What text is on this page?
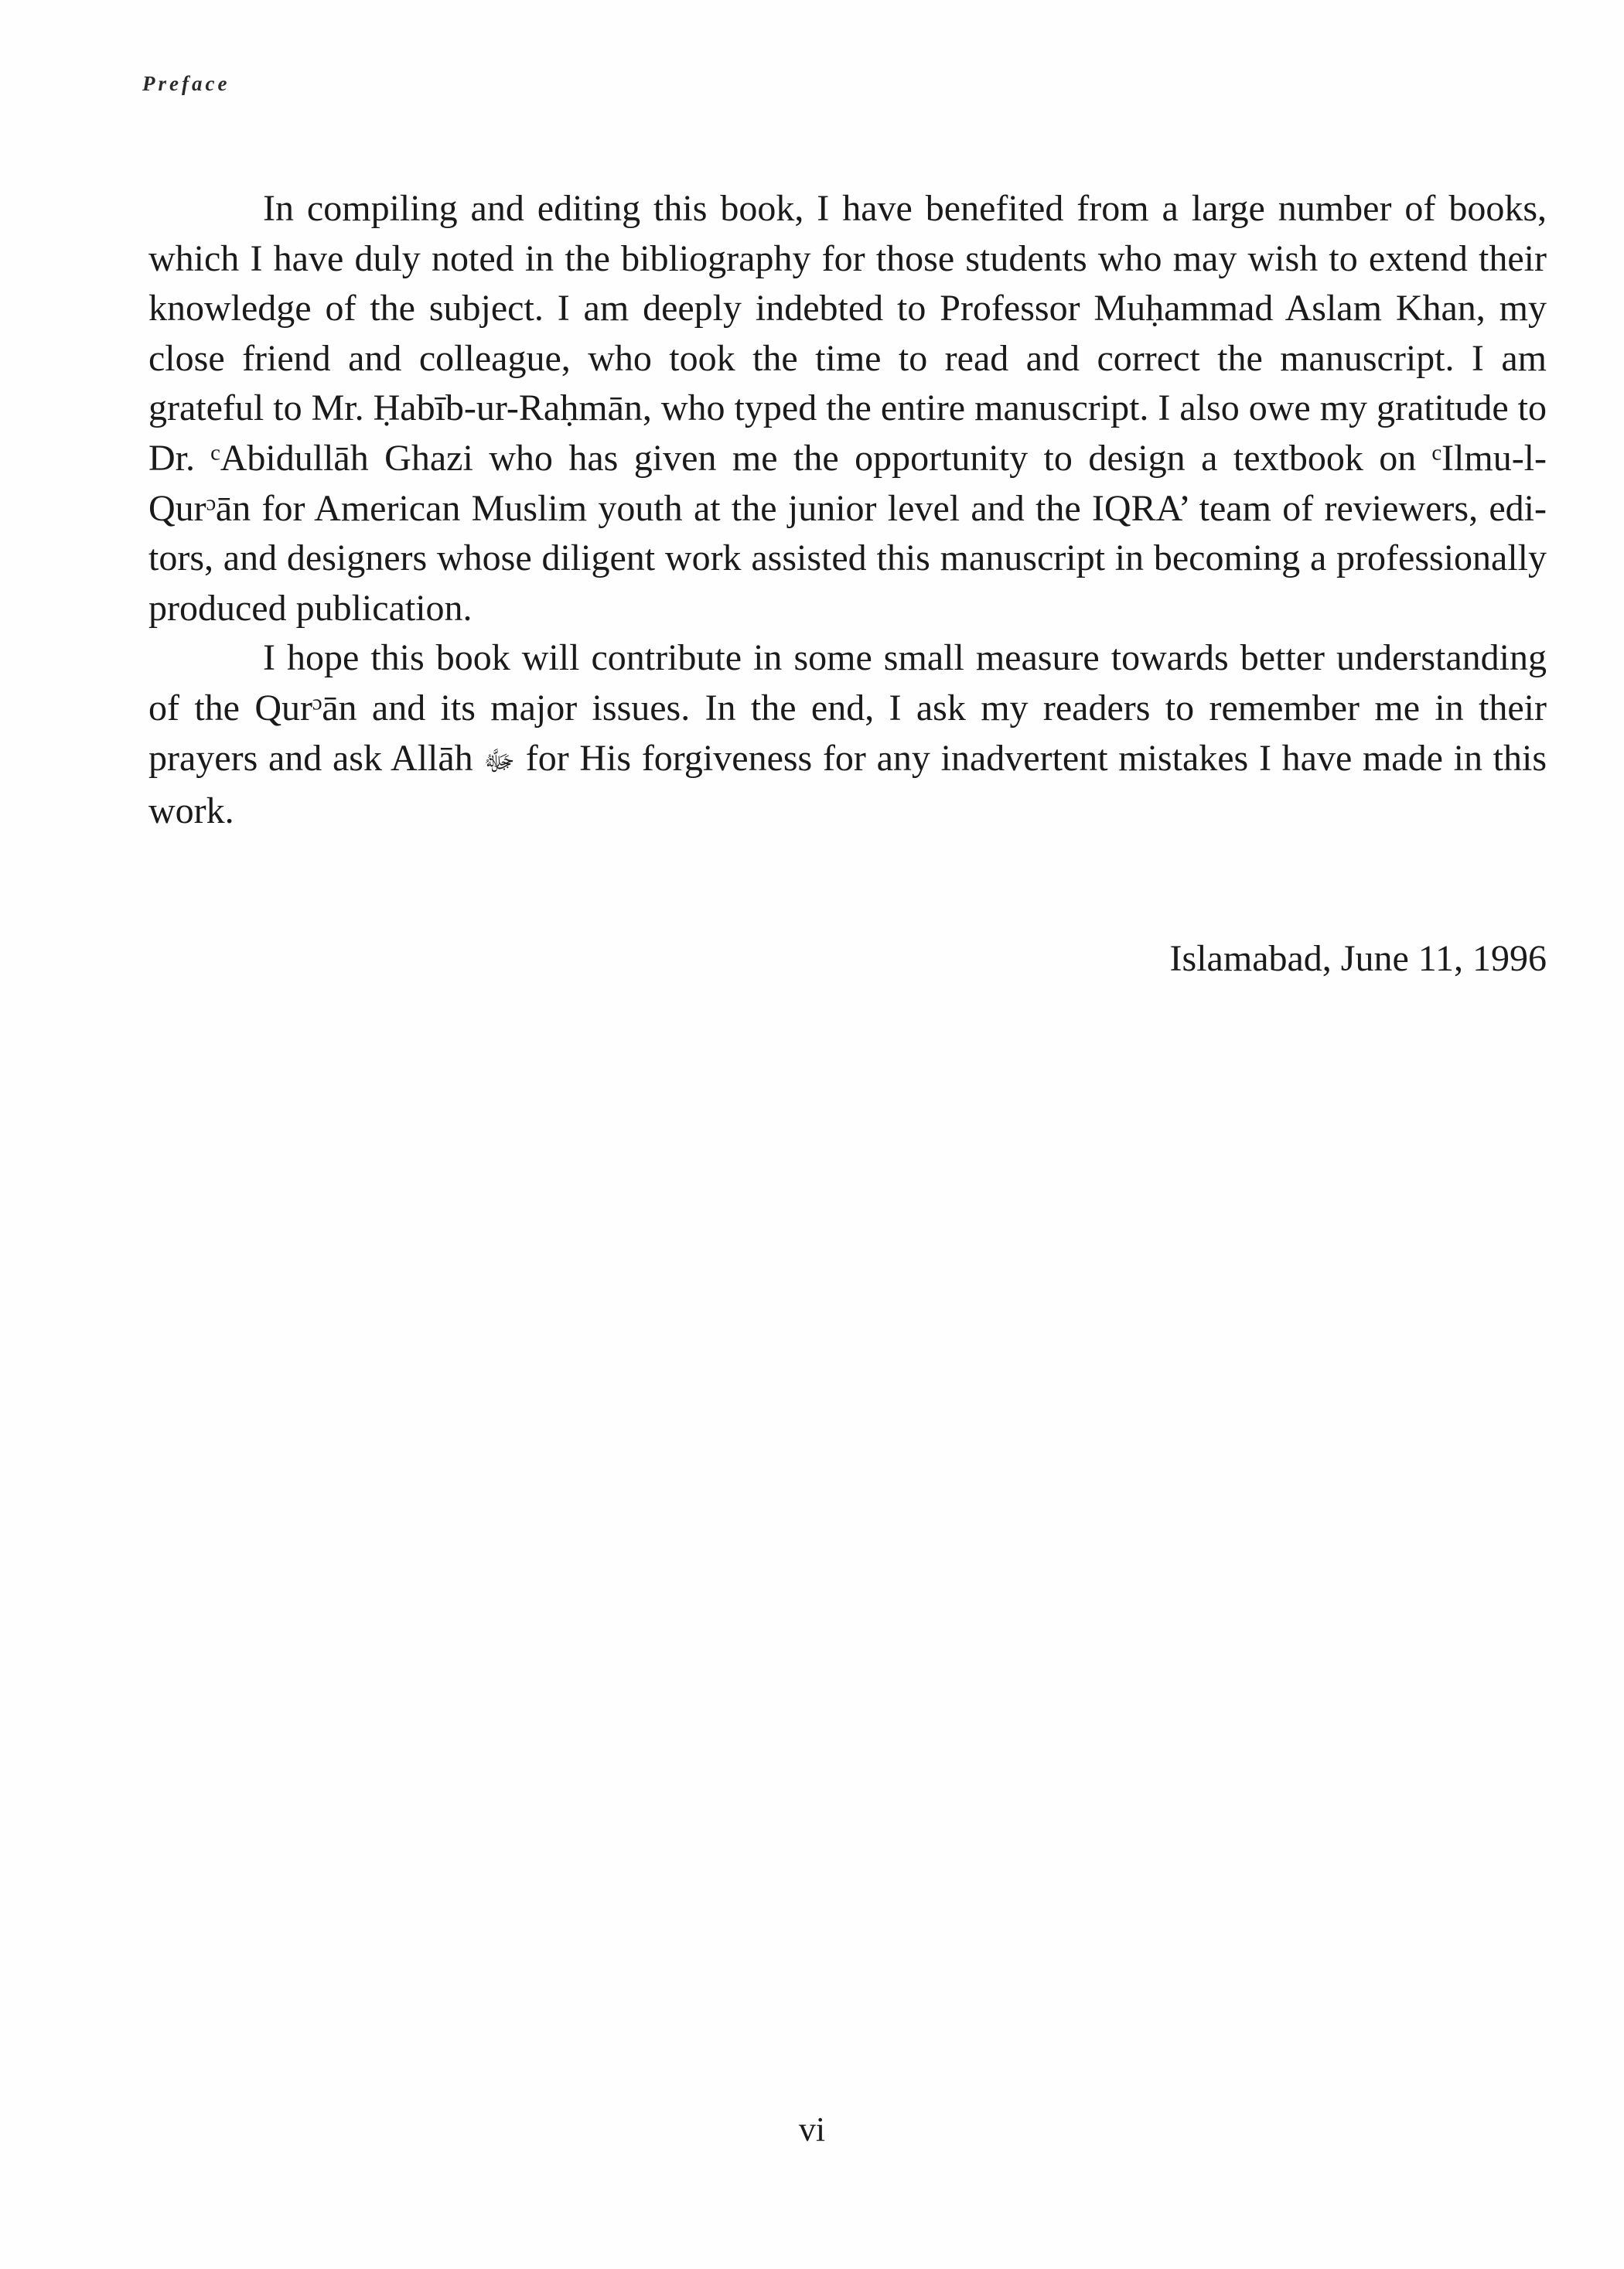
Preface

In compiling and editing this book, I have benefited from a large number of books, which I have duly noted in the bibliography for those students who may wish to extend their knowledge of the subject. I am deeply indebted to Professor Muḥammad Aslam Khan, my close friend and colleague, who took the time to read and correct the manuscript. I am grateful to Mr. Ḥabīb-ur-Raḥmān, who typed the entire manuscript. I also owe my gratitude to Dr. ᶜAbidullāh Ghazi who has given me the opportunity to design a textbook on ᶜIlmu-l-Qurᵓān for American Muslim youth at the junior level and the IQRA’ team of reviewers, editors, and designers whose diligent work assisted this manuscript in becoming a professionally produced publication.

I hope this book will contribute in some small measure towards better understanding of the Qurᵓān and its major issues. In the end, I ask my readers to remember me in their prayers and ask Allāh ﷻ for His forgiveness for any inadvertent mistakes I have made in this work.

Islamabad, June 11, 1996
vi
